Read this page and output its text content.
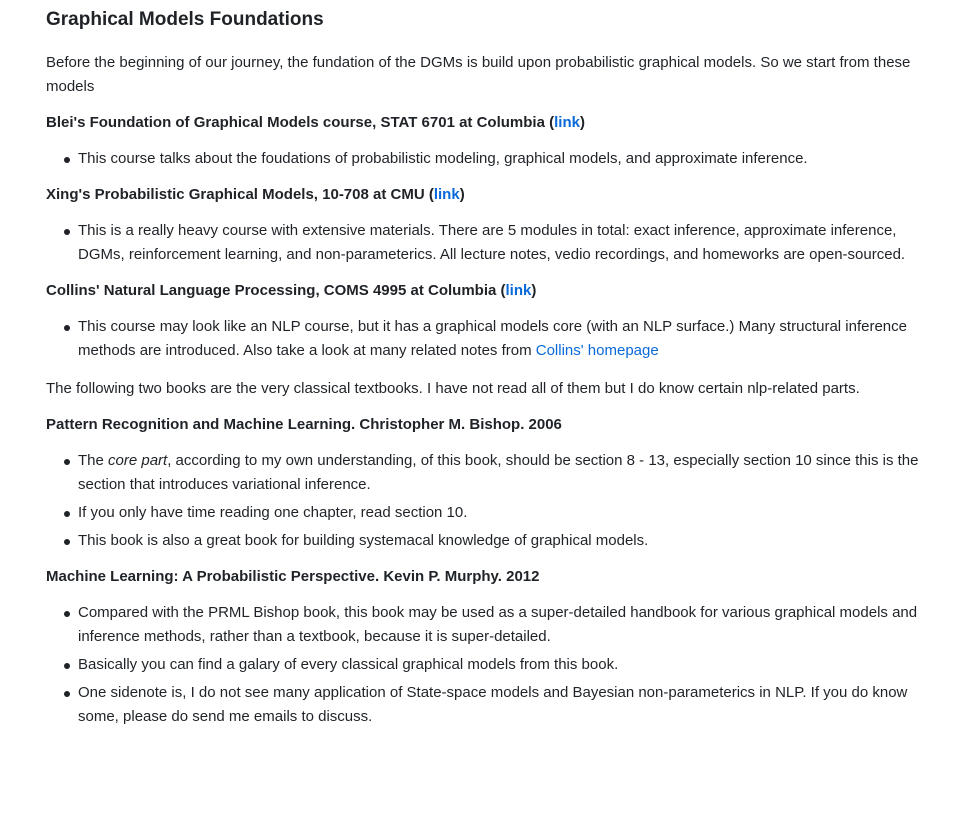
Graphical Models Foundations

Before the beginning of our journey, the fundation of the DGMs is build upon probabilistic graphical models. So we start from these models

Blei's Foundation of Graphical Models course, STAT 6701 at Columbia (link)
This course talks about the foudations of probabilistic modeling, graphical models, and approximate inference.
Xing's Probabilistic Graphical Models, 10-708 at CMU (link)
This is a really heavy course with extensive materials. There are 5 modules in total: exact inference, approximate inference, DGMs, reinforcement learning, and non-parameterics. All lecture notes, vedio recordings, and homeworks are open-sourced.
Collins' Natural Language Processing, COMS 4995 at Columbia (link)
This course may look like an NLP course, but it has a graphical models core (with an NLP surface.) Many structural inference methods are introduced. Also take a look at many related notes from Collins' homepage

The following two books are the very classical textbooks. I have not read all of them but I do know certain nlp-related parts.

Pattern Recognition and Machine Learning. Christopher M. Bishop. 2006
The core part, according to my own understanding, of this book, should be section 8 - 13, especially section 10 since this is the section that introduces variational inference.
If you only have time reading one chapter, read section 10.
This book is also a great book for building systemacal knowledge of graphical models.
Machine Learning: A Probabilistic Perspective. Kevin P. Murphy. 2012
Compared with the PRML Bishop book, this book may be used as a super-detailed handbook for various graphical models and inference methods, rather than a textbook, because it is super-detailed.
Basically you can find a galary of every classical graphical models from this book.
One sidenote is, I do not see many application of State-space models and Bayesian non-parameterics in NLP. If you do know some, please do send me emails to discuss.
